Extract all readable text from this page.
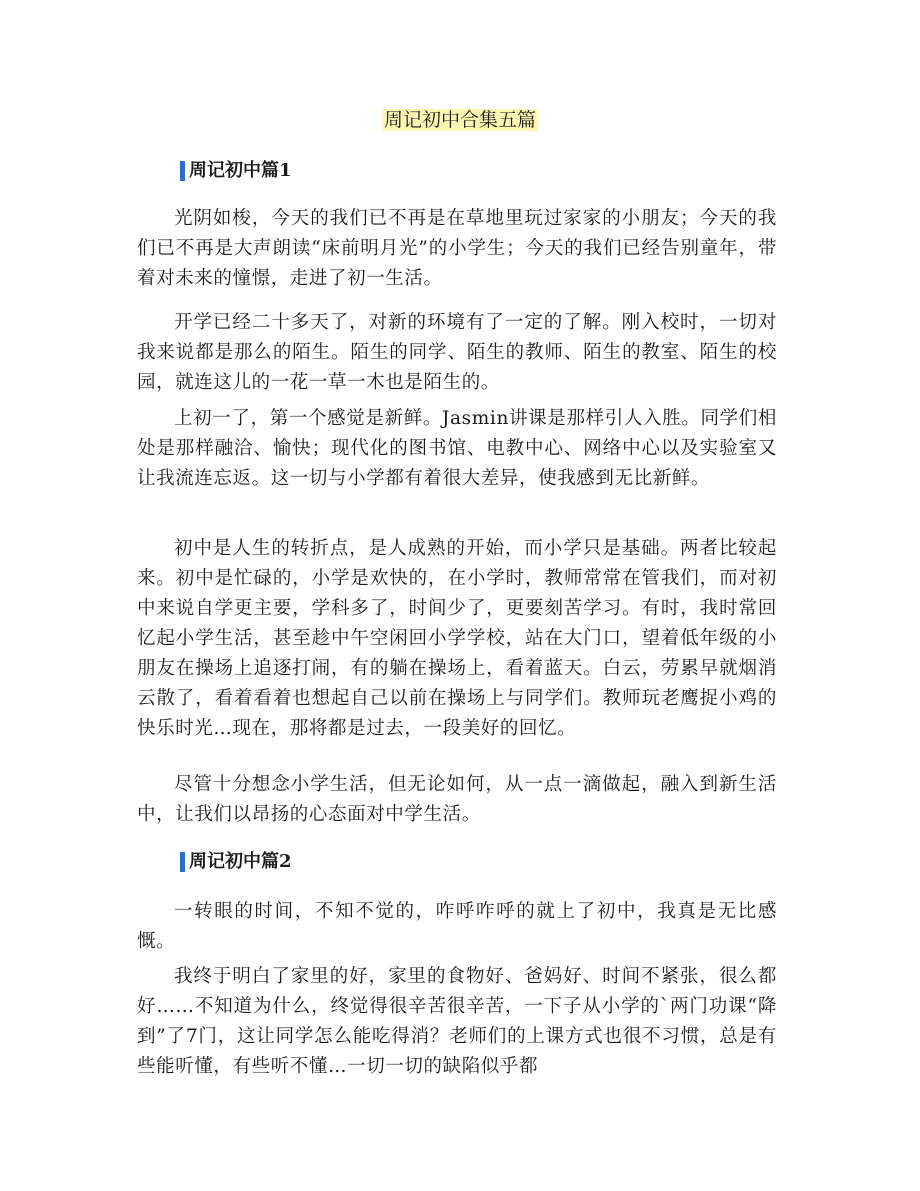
周记初中合集五篇
周记初中篇1

光阴如梭，今天的我们已不再是在草地里玩过家家的小朋友；今天的我们已不再是大声朗读“床前明月光”的小学生；今天的我们已经告别童年，带着对未来的憧憬，走进了初一生活。

开学已经二十多天了，对新的环境有了一定的了解。刚入校时，一切对我来说都是那么的陌生。陌生的同学、陌生的教师、陌生的教室、陌生的校园，就连这儿的一花一草一木也是陌生的。

上初一了，第一个感觉是新鲜。Jasmin讲课是那样引人入胜。同学们相处是那样融洽、愉快；现代化的图书馆、电教中心、网络中心以及实验室又让我流连忘返。这一切与小学都有着很大差异，使我感到无比新鲜。

初中是人生的转折点，是人成熟的开始，而小学只是基础。两者比较起来。初中是忙碌的，小学是欢快的，在小学时，教师常常在管我们，而对初中来说自学更主要，学科多了，时间少了，更要刻苦学习。有时，我时常回忆起小学生活，甚至趁中午空闲回小学学校，站在大门口，望着低年级的小朋友在操场上追逐打闹，有的躺在操场上，看着蓝天。白云，劳累早就烟消云散了，看着看着也想起自己以前在操场上与同学们。教师玩老鹰捉小鸡的快乐时光…现在，那将都是过去，一段美好的回忆。

尽管十分想念小学生活，但无论如何，从一点一滴做起，融入到新生活中，让我们以昂扬的心态面对中学生活。

周记初中篇2

一转眼的时间，不知不觉的，咋呼咋呼的就上了初中，我真是无比感慨。

我终于明白了家里的好，家里的食物好、爸妈好、时间不紧张，很么都好……不知道为什么，终觉得很辛苦很辛苦，一下子从小学的`两门功课“降到”了7门，这让同学怎么能吃得消？老师们的上课方式也很不习惯，总是有些能听懂，有些听不懂…一切一切的缺陷似乎都
